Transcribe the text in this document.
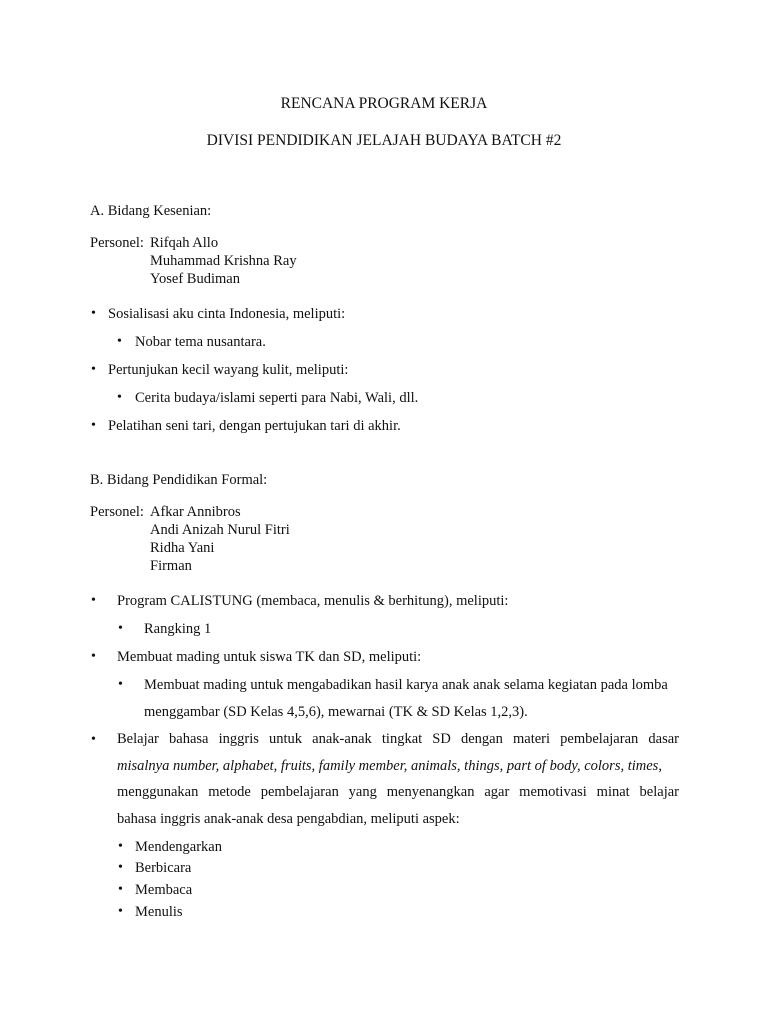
RENCANA PROGRAM KERJA
DIVISI PENDIDIKAN JELAJAH BUDAYA BATCH #2
A. Bidang Kesenian:
Personel: Rifqah Allo
Muhammad Krishna Ray
Yosef Budiman
• Sosialisasi aku cinta Indonesia, meliputi:
• Nobar tema nusantara.
• Pertunjukan kecil wayang kulit, meliputi:
• Cerita budaya/islami seperti para Nabi, Wali, dll.
• Pelatihan seni tari, dengan pertujukan tari di akhir.
B. Bidang Pendidikan Formal:
Personel: Afkar Annibros
Andi Anizah Nurul Fitri
Ridha Yani
Firman
• Program CALISTUNG (membaca, menulis & berhitung), meliputi:
• Rangking 1
• Membuat mading untuk siswa TK dan SD, meliputi:
• Membuat mading untuk mengabadikan hasil karya anak anak selama kegiatan pada lomba
menggambar (SD Kelas 4,5,6), mewarnai (TK & SD Kelas 1,2,3).
• Belajar bahasa inggris untuk anak-anak tingkat SD dengan materi pembelajaran dasar
misalnya number, alphabet, fruits, family member, animals, things, part of body, colors, times,
menggunakan metode pembelajaran yang menyenangkan agar memotivasi minat belajar
bahasa inggris anak-anak desa pengabdian, meliputi aspek:
• Mendengarkan
• Berbicara
• Membaca
• Menulis
